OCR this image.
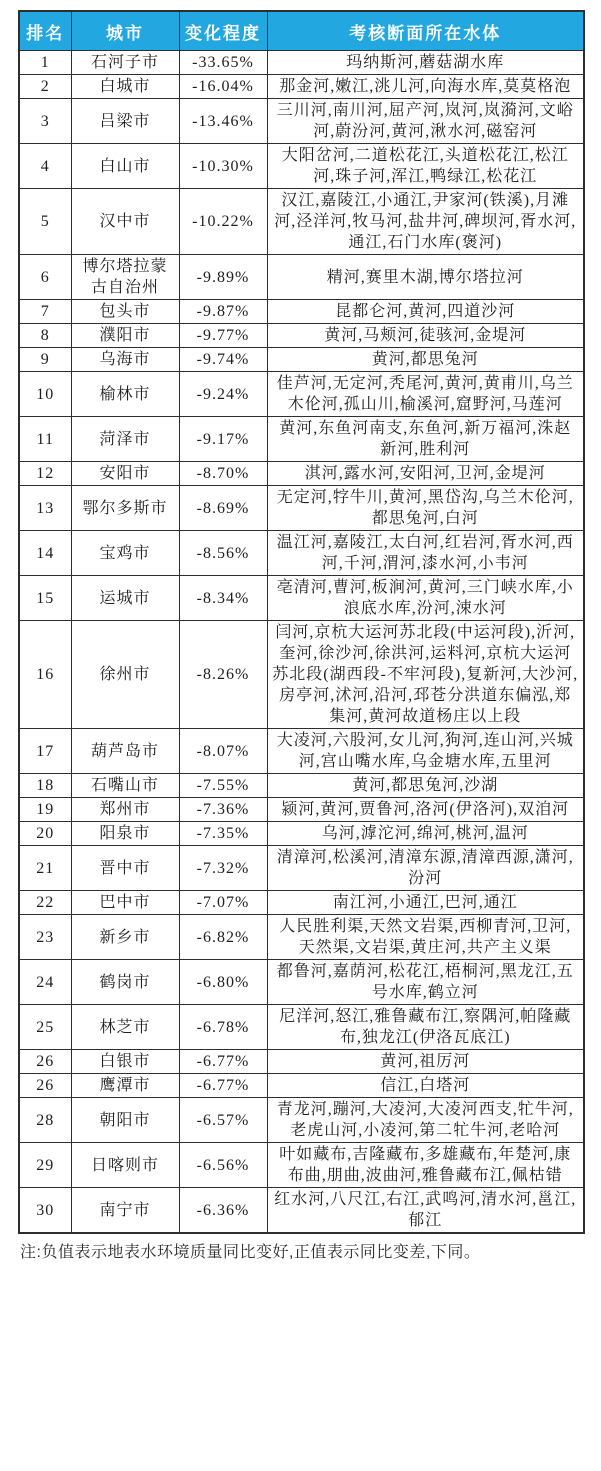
排名	城市	变化程度	考核断面所在水体
1	石河子市	-33.65%	玛纳斯河,蘑菇湖水库
2	白城市	-16.04%	那金河,嫩江,洮儿河,向海水库,莫莫格泡
3	吕梁市	-13.46%	三川河,南川河,屈产河,岚河,岚漪河,文峪河,蔚汾河,黄河,湫水河,磁窑河
4	白山市	-10.30%	大阳岔河,二道松花江,头道松花江,松江河,珠子河,浑江,鸭绿江,松花江
5	汉中市	-10.22%	汉江,嘉陵江,小通江,尹家河(铁溪),月滩河,泾洋河,牧马河,盐井河,碑坝河,胥水河,通江,石门水库(褒河)
6	博尔塔拉蒙古自治州	-9.89%	精河,赛里木湖,博尔塔拉河
7	包头市	-9.87%	昆都仑河,黄河,四道沙河
8	濮阳市	-9.77%	黄河,马颊河,徒骇河,金堤河
9	乌海市	-9.74%	黄河,都思兔河
10	榆林市	-9.24%	佳芦河,无定河,秃尾河,黄河,黄甫川,乌兰木伦河,孤山川,榆溪河,窟野河,马莲河
11	菏泽市	-9.17%	黄河,东鱼河南支,东鱼河,新万福河,洙赵新河,胜利河
12	安阳市	-8.70%	淇河,露水河,安阳河,卫河,金堤河
13	鄂尔多斯市	-8.69%	无定河,牸牛川,黄河,黑岱沟,乌兰木伦河,都思兔河,白河
14	宝鸡市	-8.56%	温江河,嘉陵江,太白河,红岩河,胥水河,西河,千河,渭河,漆水河,小韦河
15	运城市	-8.34%	亳清河,曹河,板涧河,黄河,三门峡水库,小浪底水库,汾河,涑水河
16	徐州市	-8.26%	闫河,京杭大运河苏北段(中运河段),沂河,奎河,徐沙河,徐洪河,运料河,京杭大运河苏北段(湖西段-不牢河段),复新河,大沙河,房亭河,沭河,沿河,邳苍分洪道东偏泓,郑集河,黄河故道杨庄以上段
17	葫芦岛市	-8.07%	大凌河,六股河,女儿河,狗河,连山河,兴城河,宫山嘴水库,乌金塘水库,五里河
18	石嘴山市	-7.55%	黄河,都思兔河,沙湖
19	郑州市	-7.36%	颍河,黄河,贾鲁河,洛河(伊洛河),双洎河
20	阳泉市	-7.35%	乌河,滹沱河,绵河,桃河,温河
21	晋中市	-7.32%	清漳河,松溪河,清漳东源,清漳西源,潇河,汾河
22	巴中市	-7.07%	南江河,小通江,巴河,通江
23	新乡市	-6.82%	人民胜利渠,天然文岩渠,西柳青河,卫河,天然渠,文岩渠,黄庄河,共产主义渠
24	鹤岗市	-6.80%	都鲁河,嘉荫河,松花江,梧桐河,黑龙江,五号水库,鹤立河
25	林芝市	-6.78%	尼洋河,怒江,雅鲁藏布江,察隅河,帕隆藏布,独龙江(伊洛瓦底江)
26	白银市	-6.77%	黄河,祖厉河
26	鹰潭市	-6.77%	信江,白塔河
28	朝阳市	-6.57%	青龙河,蹦河,大凌河,大凌河西支,牤牛河,老虎山河,小凌河,第二牤牛河,老哈河
29	日喀则市	-6.56%	叶如藏布,吉隆藏布,多雄藏布,年楚河,康布曲,朋曲,波曲河,雅鲁藏布江,佩枯错
30	南宁市	-6.36%	红水河,八尺江,右江,武鸣河,清水河,邕江,郁江
注:负值表示地表水环境质量同比变好,正值表示同比变差,下同。
